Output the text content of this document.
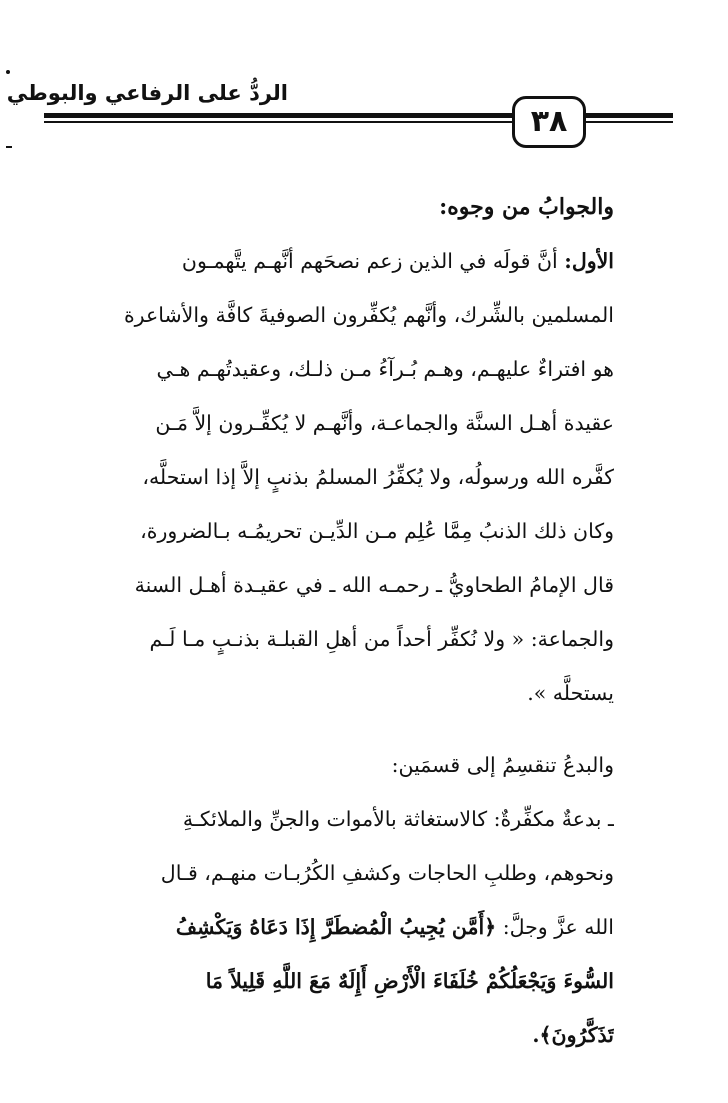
الردُّ على الرفاعي والبوطي
٣٨

والجوابُ من وجوه:

الأول: أنَّ قولَه في الذين زعم نصحَهم أنَّهـم يتَّهمـون

المسلمين بالشِّرك، وأنَّهم يُكفِّرون الصوفيةَ كافَّة والأشاعرة

هو افتراءٌ عليهـم، وهـم بُـرآءُ مـن ذلـك، وعقيدتُهـم هـي

عقيدة أهـل السنَّة والجماعـة، وأنَّهـم لا يُكفِّـرون إلاَّ مَـن

كفَّره الله ورسولُه، ولا يُكفِّرُ المسلمُ بذنبٍ إلاَّ إذا استحلَّه،

وكان ذلك الذنبُ مِمَّا عُلِم مـن الدِّيـن تحريمُـه بـالضرورة،

قال الإمامُ الطحاويُّ ـ رحمـه الله ـ في عقيـدة أهـل السنة

والجماعة: « ولا نُكفِّر أحداً من أهلِ القبلـة بذنـبٍ مـا لَـم

يستحلَّه ».

والبدعُ تنقسِمُ إلى قسمَين:

ـ بدعةٌ مكفِّرةٌ: كالاستغاثة بالأموات والجنِّ والملائكـةِ

ونحوهم، وطلبِ الحاجات وكشفِ الكُرُبـات منهـم، قـال

الله عزَّ وجلَّ: ﴿أَمَّن يُجِيبُ الْمُضطَرَّ إِذَا دَعَاهُ وَيَكْشِفُ

السُّوءَ وَيَجْعَلُكُمْ خُلَفَاءَ الْأَرْضِ أَإِلَهٌ مَعَ اللَّهِ قَلِيلاً مَا

تَذَكَّرُونَ﴾.
